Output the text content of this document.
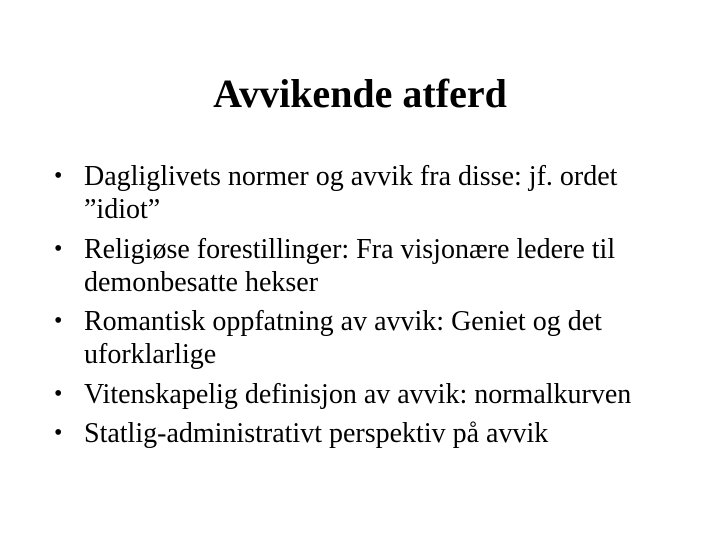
Avvikende atferd
• Dagliglivets normer og avvik fra disse: jf. ordet ”idiot”
• Religiøse forestillinger: Fra visjonære ledere til demonbesatte hekser
• Romantisk oppfatning av avvik: Geniet og det uforklarlige
• Vitenskapelig definisjon av avvik: normalkurven
• Statlig-administrativt perspektiv på avvik
